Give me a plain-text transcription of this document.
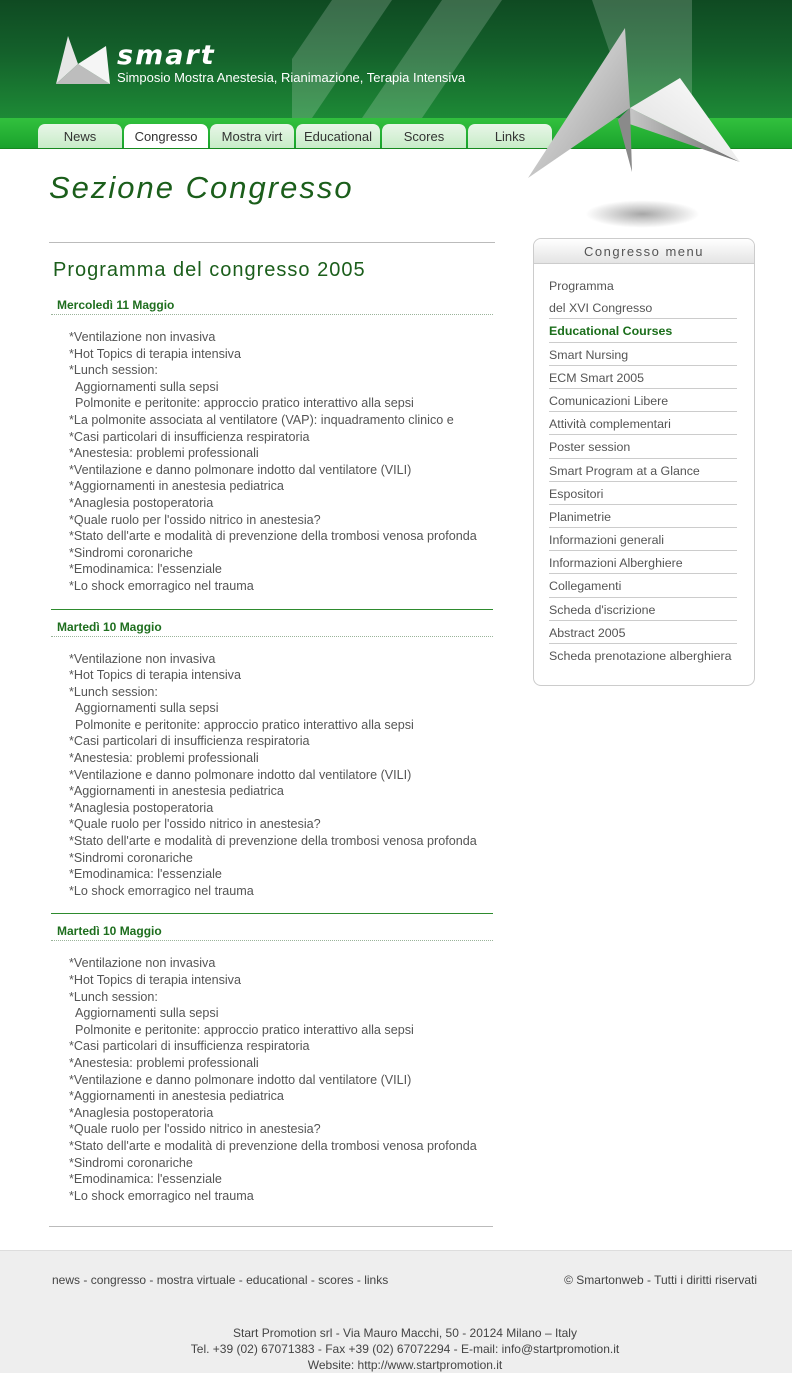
smart
Simposio Mostra Anestesia, Rianimazione, Terapia Intensiva
News	Congresso	Mostra virt	Educational	Scores	Links
Sezione Congresso
Programma del congresso 2005
Mercoledì 11 Maggio
*Ventilazione non invasiva
*Hot Topics di terapia intensiva
*Lunch session:
Aggiornamenti sulla sepsi
Polmonite e peritonite: approccio pratico interattivo alla sepsi
*La polmonite associata al ventilatore (VAP): inquadramento clinico e
*Casi particolari di insufficienza respiratoria
*Anestesia: problemi professionali
*Ventilazione e danno polmonare indotto dal ventilatore (VILI)
*Aggiornamenti in anestesia pediatrica
*Anaglesia postoperatoria
*Quale ruolo per l'ossido nitrico in anestesia?
*Stato dell'arte e modalità di prevenzione della trombosi venosa profonda
*Sindromi coronariche
*Emodinamica: l'essenziale
*Lo shock emorragico nel trauma
Martedì 10 Maggio
*Ventilazione non invasiva
*Hot Topics di terapia intensiva
*Lunch session:
Aggiornamenti sulla sepsi
Polmonite e peritonite: approccio pratico interattivo alla sepsi
*Casi particolari di insufficienza respiratoria
*Anestesia: problemi professionali
*Ventilazione e danno polmonare indotto dal ventilatore (VILI)
*Aggiornamenti in anestesia pediatrica
*Anaglesia postoperatoria
*Quale ruolo per l'ossido nitrico in anestesia?
*Stato dell'arte e modalità di prevenzione della trombosi venosa profonda
*Sindromi coronariche
*Emodinamica: l'essenziale
*Lo shock emorragico nel trauma
Martedì 10 Maggio
*Ventilazione non invasiva
*Hot Topics di terapia intensiva
*Lunch session:
Aggiornamenti sulla sepsi
Polmonite e peritonite: approccio pratico interattivo alla sepsi
*Casi particolari di insufficienza respiratoria
*Anestesia: problemi professionali
*Ventilazione e danno polmonare indotto dal ventilatore (VILI)
*Aggiornamenti in anestesia pediatrica
*Anaglesia postoperatoria
*Quale ruolo per l'ossido nitrico in anestesia?
*Stato dell'arte e modalità di prevenzione della trombosi venosa profonda
*Sindromi coronariche
*Emodinamica: l'essenziale
*Lo shock emorragico nel trauma
Congresso menu
Programma
del XVI Congresso
Educational Courses
Smart Nursing
ECM Smart 2005
Comunicazioni Libere
Attività complementari
Poster session
Smart Program at a Glance
Espositori
Planimetrie
Informazioni generali
Informazioni Alberghiere
Collegamenti
Scheda d'iscrizione
Abstract 2005
Scheda prenotazione alberghiera
news - congresso - mostra virtuale - educational - scores - links	© Smartonweb - Tutti i diritti riservati
Start Promotion srl - Via Mauro Macchi, 50 - 20124 Milano – Italy
Tel. +39 (02) 67071383 - Fax +39 (02) 67072294 - E-mail: info@startpromotion.it
Website: http://www.startpromotion.it
